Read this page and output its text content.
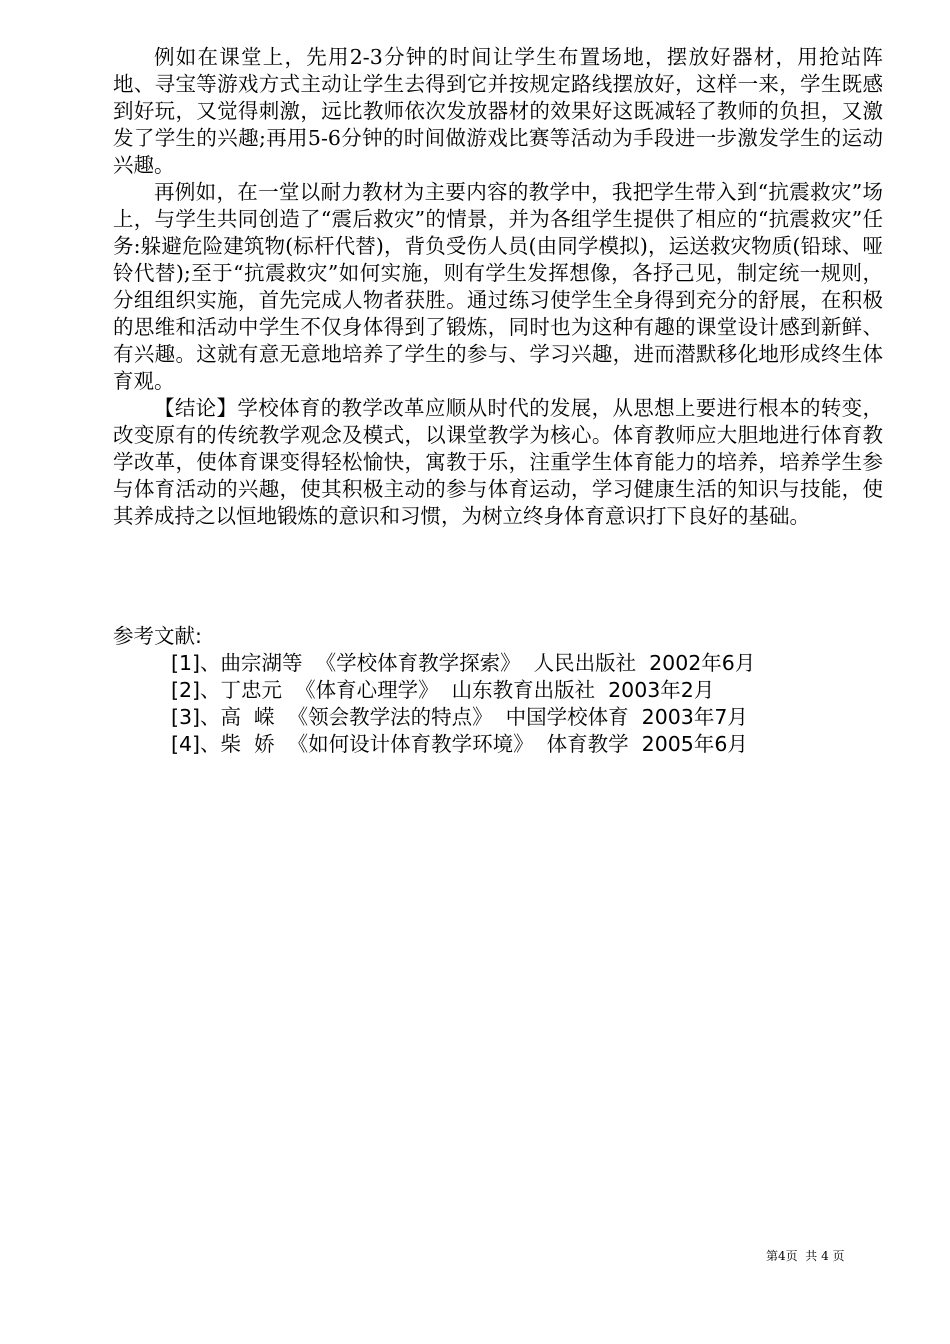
例如在课堂上，先用2-3分钟的时间让学生布置场地，摆放好器材，用抢站阵地、寻宝等游戏方式主动让学生去得到它并按规定路线摆放好，这样一来，学生既感到好玩，又觉得刺激，远比教师依次发放器材的效果好这既减轻了教师的负担，又激发了学生的兴趣;再用5-6分钟的时间做游戏比赛等活动为手段进一步激发学生的运动兴趣。

再例如，在一堂以耐力教材为主要内容的教学中，我把学生带入到“抗震救灾”场上，与学生共同创造了“震后救灾”的情景，并为各组学生提供了相应的“抗震救灾”任务:躲避危险建筑物(标杆代替)，背负受伤人员(由同学模拟)，运送救灾物质(铅球、哑铃代替);至于“抗震救灾”如何实施，则有学生发挥想像，各抒己见，制定统一规则，分组组织实施，首先完成人物者获胜。通过练习使学生全身得到充分的舒展，在积极的思维和活动中学生不仅身体得到了锻炼，同时也为这种有趣的课堂设计感到新鲜、有兴趣。这就有意无意地培养了学生的参与、学习兴趣，进而潜默移化地形成终生体育观。

【结论】学校体育的教学改革应顺从时代的发展，从思想上要进行根本的转变，改变原有的传统教学观念及模式，以课堂教学为核心。体育教师应大胆地进行体育教学改革，使体育课变得轻松愉快，寓教于乐，注重学生体育能力的培养，培养学生参与体育活动的兴趣，使其积极主动的参与体育运动，学习健康生活的知识与技能，使其养成持之以恒地锻炼的意识和习惯，为树立终身体育意识打下良好的基础。

参考文献:

[1]、曲宗湖等  《学校体育教学探索》  人民出版社  2002年6月
[2]、丁忠元  《体育心理学》  山东教育出版社  2003年2月
[3]、高  嵘  《领会教学法的特点》  中国学校体育  2003年7月
[4]、柴  娇  《如何设计体育教学环境》  体育教学  2005年6月
第4页  共 4 页
